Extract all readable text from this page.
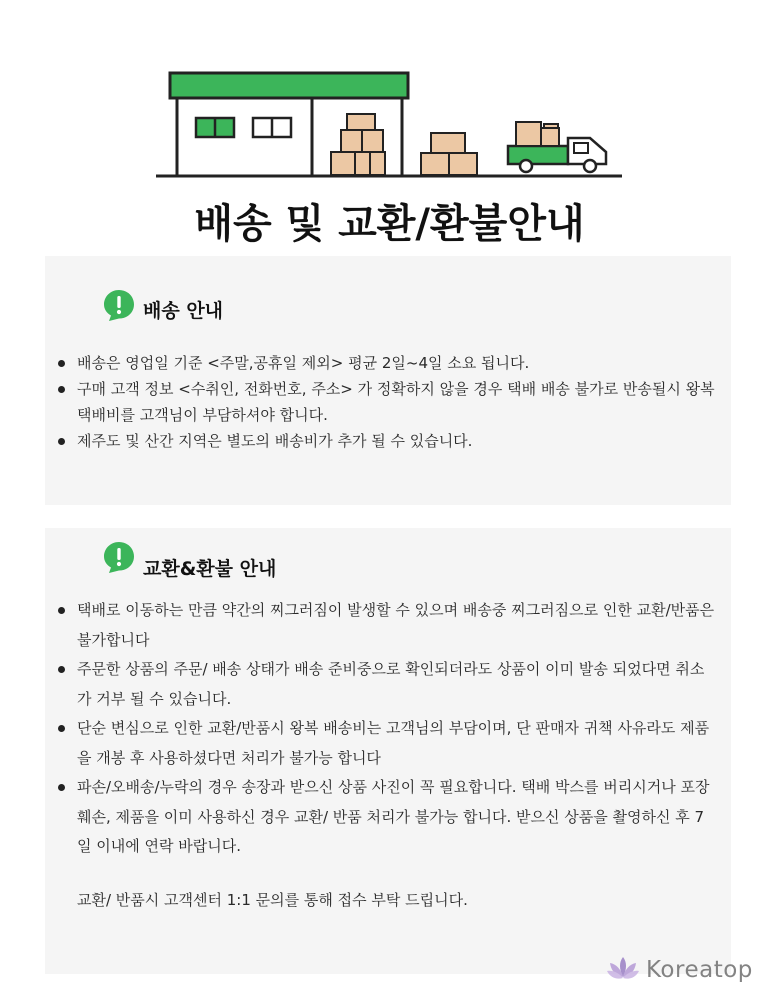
배송 및 교환/환불안내
배송 안내
배송은 영업일 기준 <주말,공휴일 제외> 평균 2일~4일 소요 됩니다.
구매 고객 정보 <수취인, 전화번호, 주소> 가 정확하지 않을 경우 택배 배송 불가로 반송될시 왕복 택배비를 고객님이 부담하셔야 합니다.
제주도 및 산간 지역은 별도의 배송비가 추가 될 수 있습니다.
교환&환불 안내
택배로 이동하는 만큼 약간의 찌그러짐이 발생할 수 있으며 배송중 찌그러짐으로 인한 교환/반품은 불가합니다
주문한 상품의 주문/ 배송 상태가 배송 준비중으로 확인되더라도 상품이 이미 발송 되었다면 취소가 거부 될 수 있습니다.
단순 변심으로 인한 교환/반품시 왕복 배송비는 고객님의 부담이며, 단 판매자 귀책 사유라도 제품을 개봉 후 사용하셨다면 처리가 불가능 합니다
파손/오배송/누락의 경우 송장과 받으신 상품 사진이 꼭 필요합니다. 택배 박스를 버리시거나 포장 훼손, 제품을 이미 사용하신 경우 교환/ 반품 처리가 불가능 합니다. 받으신 상품을 촬영하신 후 7일 이내에 연락 바랍니다.

교환/ 반품시 고객센터 1:1 문의를 통해 접수 부탁 드립니다.

Koreatop
